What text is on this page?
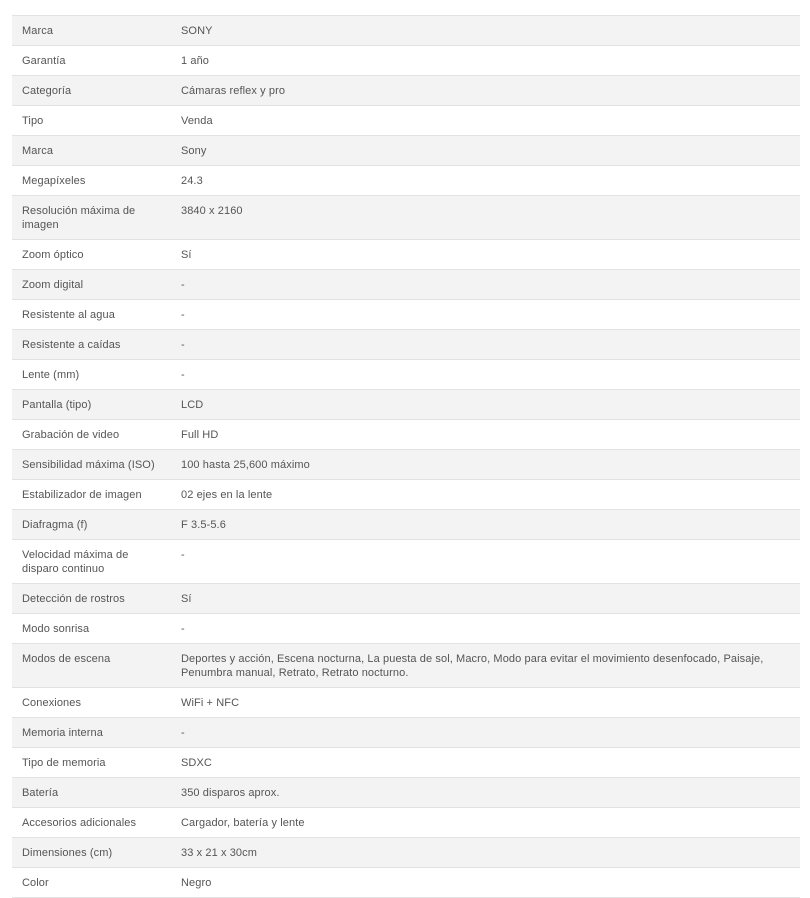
Marca	SONY
Garantía	1 año
Categoría	Cámaras reflex y pro
Tipo	Venda
Marca	Sony
Megapíxeles	24.3
Resolución máxima de imagen	3840 x 2160
Zoom óptico	Sí
Zoom digital	-
Resistente al agua	-
Resistente a caídas	-
Lente (mm)	-
Pantalla (tipo)	LCD
Grabación de video	Full HD
Sensibilidad máxima (ISO)	100 hasta 25,600 máximo
Estabilizador de imagen	02 ejes en la lente
Diafragma (f)	F 3.5-5.6
Velocidad máxima de disparo continuo	-
Detección de rostros	Sí
Modo sonrisa	-
Modos de escena	Deportes y acción, Escena nocturna, La puesta de sol, Macro, Modo para evitar el movimiento desenfocado, Paisaje, Penumbra manual, Retrato, Retrato nocturno.
Conexiones	WiFi + NFC
Memoria interna	-
Tipo de memoria	SDXC
Batería	350 disparos aprox.
Accesorios adicionales	Cargador, batería y lente
Dimensiones (cm)	33 x 21 x 30cm
Color	Negro
